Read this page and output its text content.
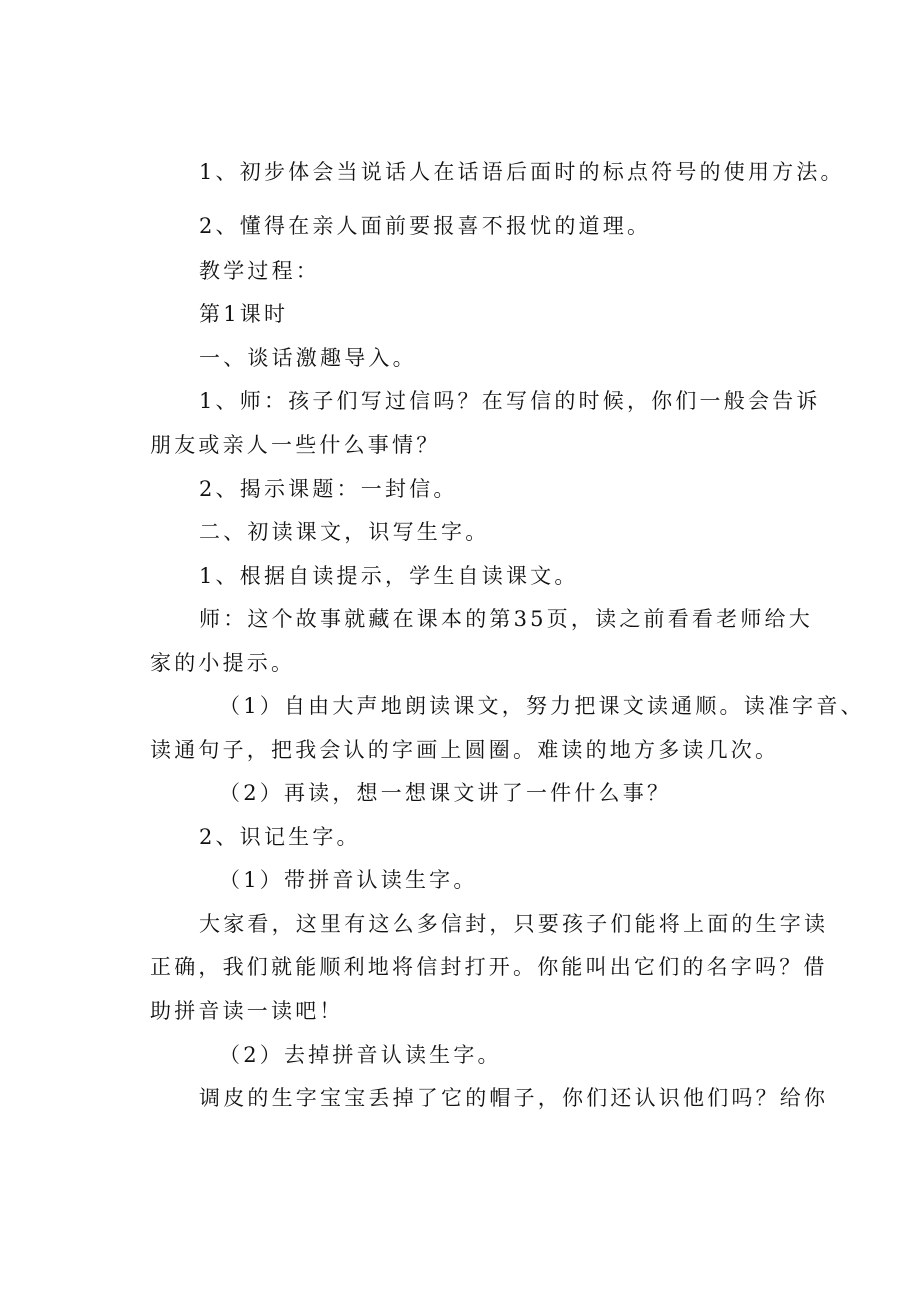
1、初步体会当说话人在话语后面时的标点符号的使用方法。
2、懂得在亲人面前要报喜不报忧的道理。
教学过程：
第1课时
一、谈话激趣导入。
1、师：孩子们写过信吗？在写信的时候，你们一般会告诉
朋友或亲人一些什么事情？
2、揭示课题：一封信。
二、初读课文，识写生字。
1、根据自读提示，学生自读课文。
师：这个故事就藏在课本的第35页，读之前看看老师给大
家的小提示。
（1）自由大声地朗读课文，努力把课文读通顺。读准字音、
读通句子，把我会认的字画上圆圈。难读的地方多读几次。
（2）再读，想一想课文讲了一件什么事？
2、识记生字。
（1）带拼音认读生字。
大家看，这里有这么多信封，只要孩子们能将上面的生字读
正确，我们就能顺利地将信封打开。你能叫出它们的名字吗？借
助拼音读一读吧！
（2）去掉拼音认读生字。
调皮的生字宝宝丢掉了它的帽子，你们还认识他们吗？给你
